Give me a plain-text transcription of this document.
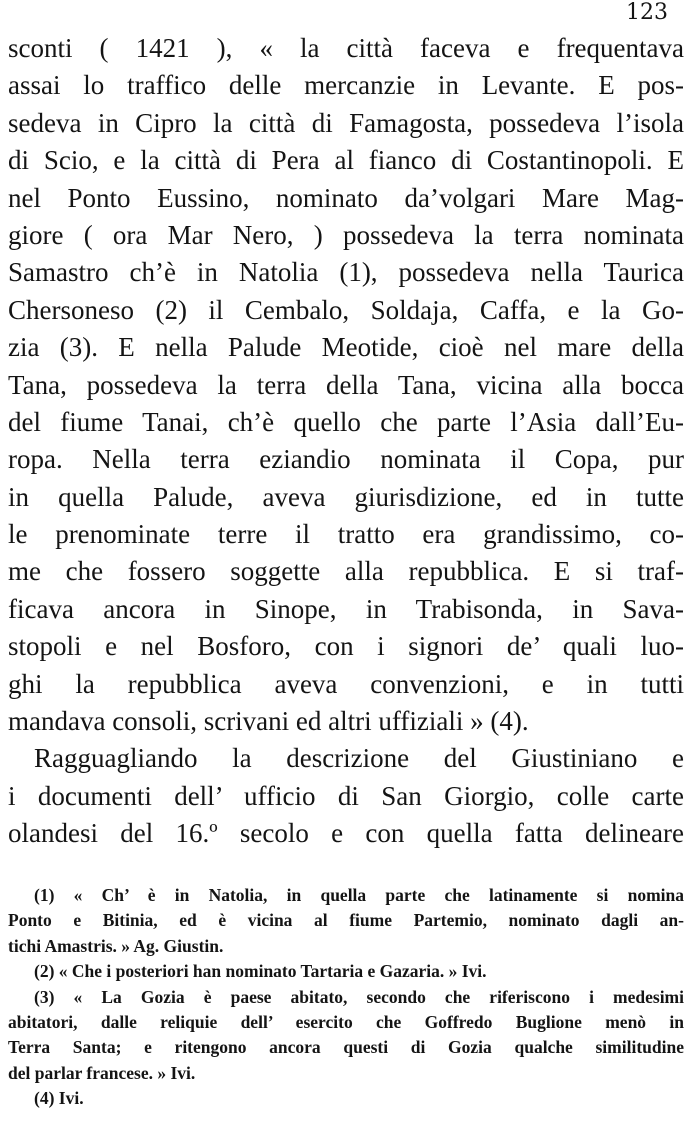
123
sconti ( 1421 ), « la città faceva e frequentava
assai lo traffico delle mercanzie in Levante. E pos-
sedeva in Cipro la città di Famagosta, possedeva l’isola
di Scio, e la città di Pera al fianco di Costantinopoli. E
nel Ponto Eussino, nominato da’volgari Mare Mag-
giore ( ora Mar Nero, ) possedeva la terra nominata
Samastro ch’è in Natolia (1), possedeva nella Taurica
Chersoneso (2) il Cembalo, Soldaja, Caffa, e la Go-
zia (3). E nella Palude Meotide, cioè nel mare della
Tana, possedeva la terra della Tana, vicina alla bocca
del fiume Tanai, ch’è quello che parte l’Asia dall’Eu-
ropa. Nella terra eziandio nominata il Copa, pur
in quella Palude, aveva giurisdizione, ed in tutte
le prenominate terre il tratto era grandissimo, co-
me che fossero soggette alla repubblica. E si traf-
ficava ancora in Sinope, in Trabisonda, in Sava-
stopoli e nel Bosforo, con i signori de’ quali luo-
ghi la repubblica aveva convenzioni, e in tutti
mandava consoli, scrivani ed altri uffiziali » (4).
Ragguagliando la descrizione del Giustiniano e
i documenti dell’ ufficio di San Giorgio, colle carte
olandesi del 16.º secolo e con quella fatta delineare
(1) « Ch’ è in Natolia, in quella parte che latinamente si nomina
Ponto e Bitinia, ed è vicina al fiume Partemio, nominato dagli an-
tichi Amastris. » Ag. Giustin.
(2) « Che i posteriori han nominato Tartaria e Gazaria. » Ivi.
(3) « La Gozia è paese abitato, secondo che riferiscono i medesimi
abitatori, dalle reliquie dell’ esercito che Goffredo Buglione menò in
Terra Santa; e ritengono ancora questi di Gozia qualche similitudine
del parlar francese. » Ivi.
(4) Ivi.
